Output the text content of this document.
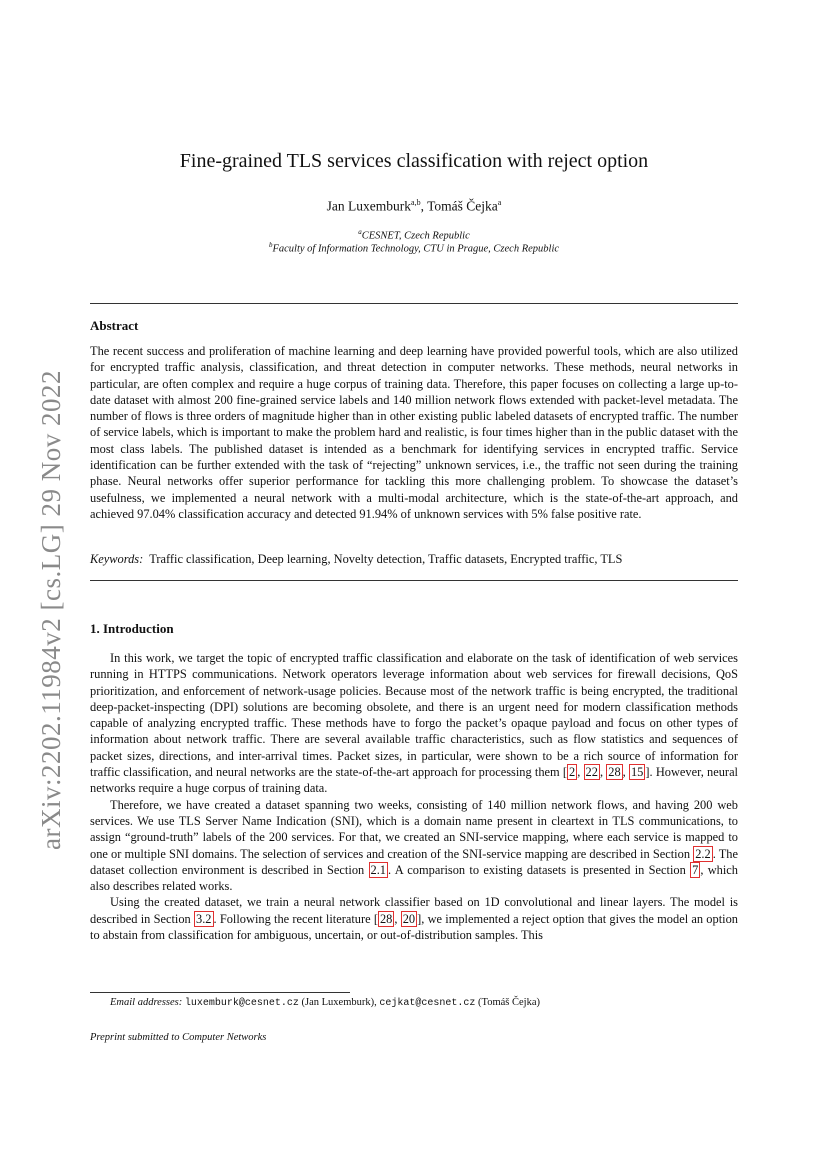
arXiv:2202.11984v2 [cs.LG] 29 Nov 2022
Fine-grained TLS services classification with reject option
Jan Luxemburk$^{a,b}$, Tomáš Čejka$^a$
$^a$CESNET, Czech Republic
$^b$Faculty of Information Technology, CTU in Prague, Czech Republic
Abstract
The recent success and proliferation of machine learning and deep learning have provided powerful tools, which are also utilized for encrypted traffic analysis, classification, and threat detection in computer networks. These methods, neural networks in particular, are often complex and require a huge corpus of training data. Therefore, this paper focuses on collecting a large up-to-date dataset with almost 200 fine-grained service labels and 140 million network flows extended with packet-level metadata. The number of flows is three orders of magnitude higher than in other existing public labeled datasets of encrypted traffic. The number of service labels, which is important to make the problem hard and realistic, is four times higher than in the public dataset with the most class labels. The published dataset is intended as a benchmark for identifying services in encrypted traffic. Service identification can be further extended with the task of “rejecting” unknown services, i.e., the traffic not seen during the training phase. Neural networks offer superior performance for tackling this more challenging problem. To showcase the dataset’s usefulness, we implemented a neural network with a multi-modal architecture, which is the state-of-the-art approach, and achieved 97.04% classification accuracy and detected 91.94% of unknown services with 5% false positive rate.
Keywords: Traffic classification, Deep learning, Novelty detection, Traffic datasets, Encrypted traffic, TLS
1. Introduction

In this work, we target the topic of encrypted traffic classification and elaborate on the task of identification of web services running in HTTPS communications. Network operators leverage information about web services for firewall decisions, QoS prioritization, and enforcement of network-usage policies. Because most of the network traffic is being encrypted, the traditional deep-packet-inspecting (DPI) solutions are becoming obsolete, and there is an urgent need for modern classification methods capable of analyzing encrypted traffic. These methods have to forgo the packet’s opaque payload and focus on other types of information about network traffic. There are several available traffic characteristics, such as flow statistics and sequences of packet sizes, directions, and inter-arrival times. Packet sizes, in particular, were shown to be a rich source of information for traffic classification, and neural networks are the state-of-the-art approach for processing them [ 2 , 22 , 28 , 15 ]. However, neural networks require a huge corpus of training data.

Therefore, we have created a dataset spanning two weeks, consisting of 140 million network flows, and having 200 web services. We use TLS Server Name Indication (SNI), which is a domain name present in cleartext in TLS communications, to assign “ground-truth” labels of the 200 services. For that, we created an SNI-service mapping, where each service is mapped to one or multiple SNI domains. The selection of services and creation of the SNI-service mapping are described in Section 2.2 . The dataset collection environment is described in Section 2.1 . A comparison to existing datasets is presented in Section 7 , which also describes related works.

Using the created dataset, we train a neural network classifier based on 1D convolutional and linear layers. The model is described in Section 3.2 . Following the recent literature [ 28 , 20 ], we implemented a reject option that gives the model an option to abstain from classification for ambiguous, uncertain, or out-of-distribution samples. This

Email addresses: luxemburk@cesnet.cz (Jan Luxemburk), cejkat@cesnet.cz (Tomáš Čejka)
Preprint submitted to Computer Networks
